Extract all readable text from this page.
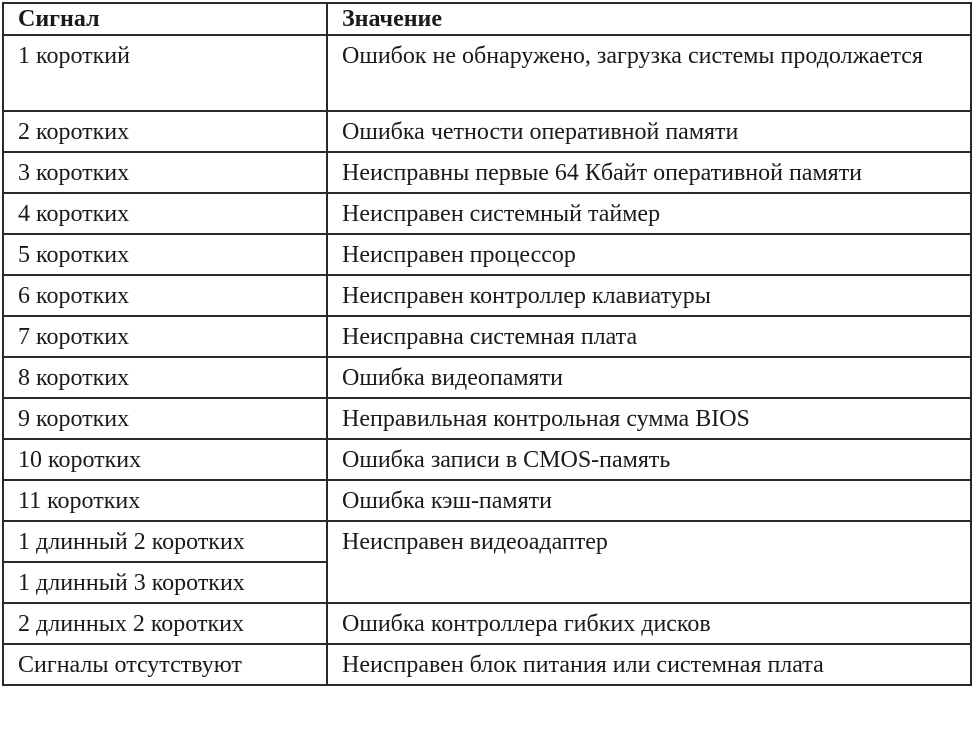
Сигнал	Значение
1 короткий	Ошибок не обнаружено, загрузка системы продолжается
2 коротких	Ошибка четности оперативной памяти
3 коротких	Неисправны первые 64 Кбайт оперативной памяти
4 коротких	Неисправен системный таймер
5 коротких	Неисправен процессор
6 коротких	Неисправен контроллер клавиатуры
7 коротких	Неисправна системная плата
8 коротких	Ошибка видеопамяти
9 коротких	Неправильная контрольная сумма BIOS
10 коротких	Ошибка записи в CMOS-память
11 коротких	Ошибка кэш-памяти
1 длинный 2 коротких	Неисправен видеоадаптер
1 длинный 3 коротких	
2 длинных 2 коротких	Ошибка контроллера гибких дисков
Сигналы отсутствуют	Неисправен блок питания или системная плата
